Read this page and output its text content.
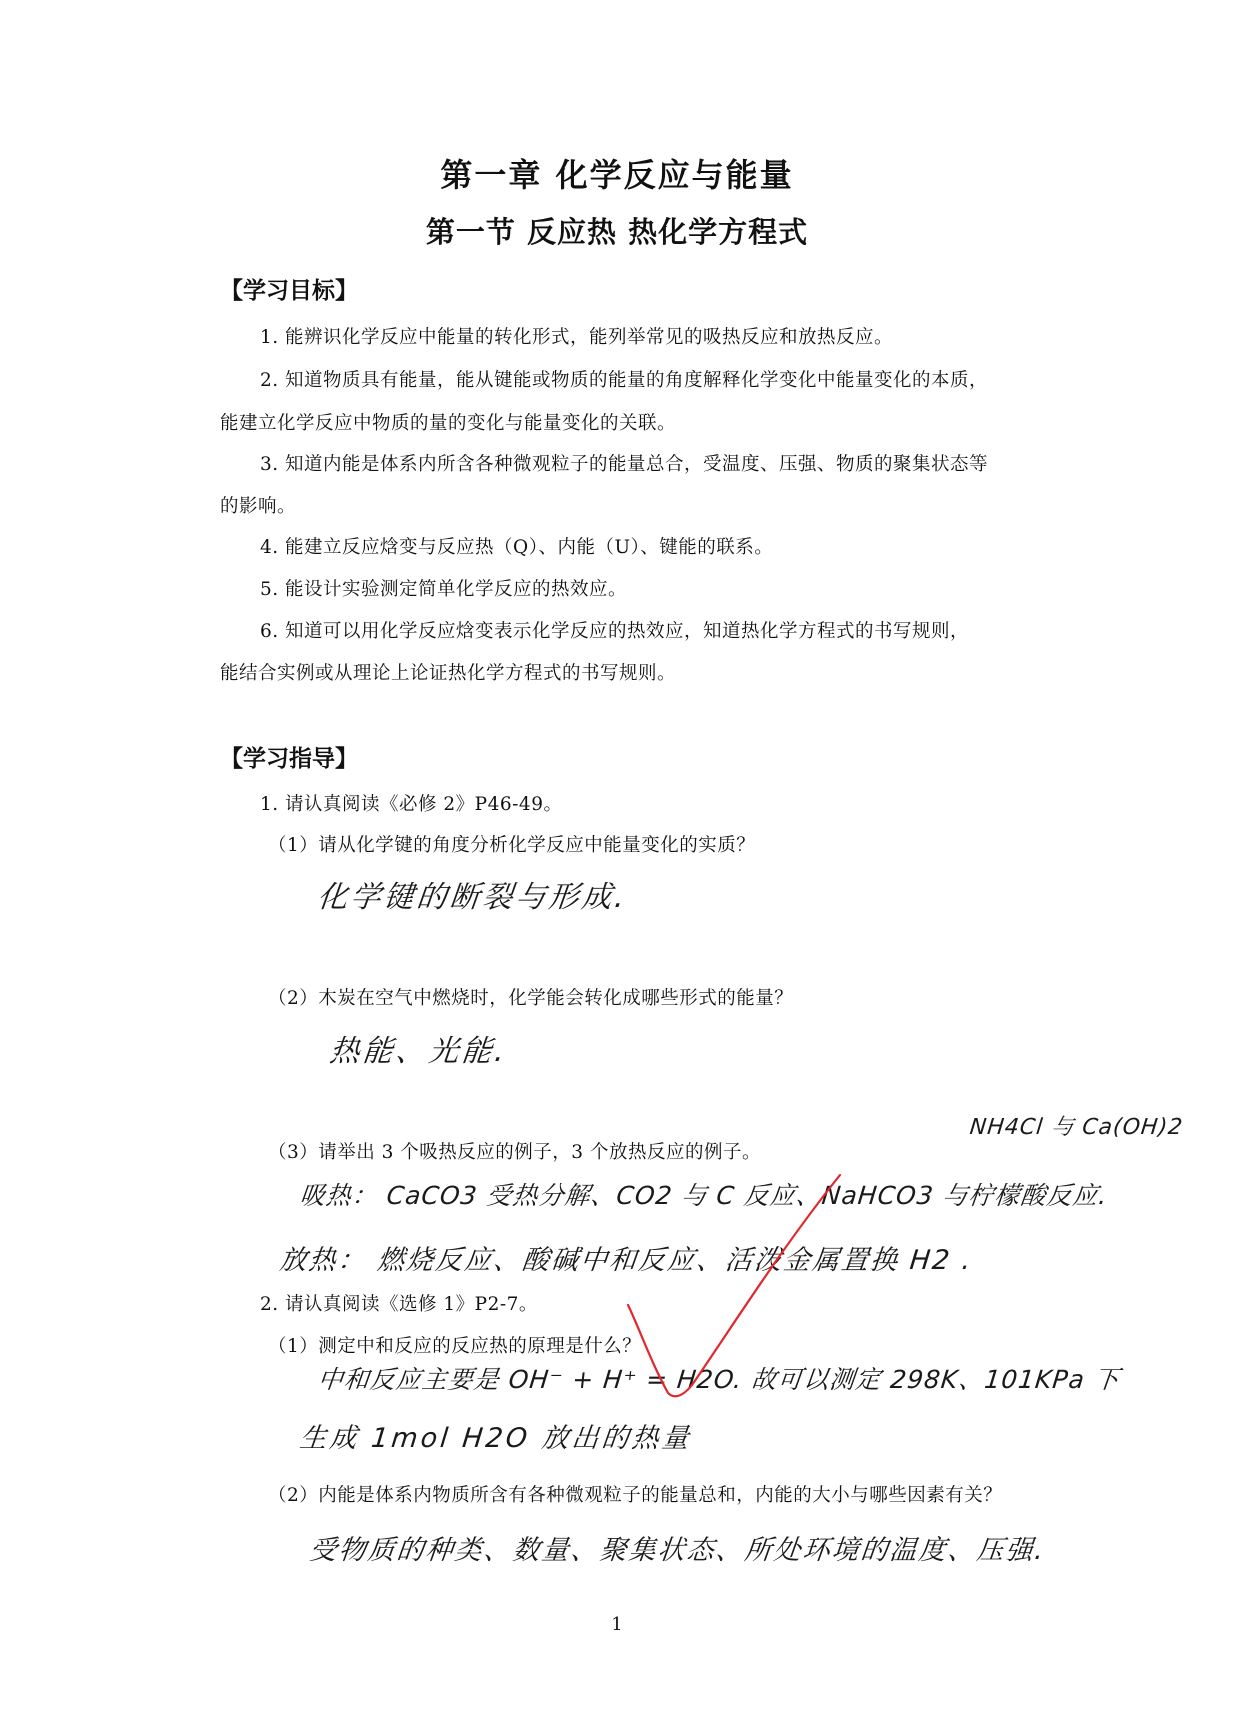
第一章 化学反应与能量
第一节 反应热 热化学方程式
【学习目标】
1. 能辨识化学反应中能量的转化形式，能列举常见的吸热反应和放热反应。
2. 知道物质具有能量，能从键能或物质的能量的角度解释化学变化中能量变化的本质，
能建立化学反应中物质的量的变化与能量变化的关联。
3. 知道内能是体系内所含各种微观粒子的能量总合，受温度、压强、物质的聚集状态等
的影响。
4. 能建立反应焓变与反应热（Q）、内能（U）、键能的联系。
5. 能设计实验测定简单化学反应的热效应。
6. 知道可以用化学反应焓变表示化学反应的热效应，知道热化学方程式的书写规则，
能结合实例或从理论上论证热化学方程式的书写规则。
【学习指导】
1. 请认真阅读《必修 2》P46-49。
（1）请从化学键的角度分析化学反应中能量变化的实质？
化学键的断裂与形成.
（2）木炭在空气中燃烧时，化学能会转化成哪些形式的能量？
热能、光能.
NH4Cl 与 Ca(OH)2
（3）请举出 3 个吸热反应的例子，3 个放热反应的例子。
吸热： CaCO3 受热分解、CO2 与 C 反应、NaHCO3 与柠檬酸反应.
放热： 燃烧反应、酸碱中和反应、活泼金属置换 H2 .
2. 请认真阅读《选修 1》P2-7。
（1）测定中和反应的反应热的原理是什么？
中和反应主要是 OH⁻ + H⁺ = H2O. 故可以测定 298K、101KPa 下
生成 1mol H2O 放出的热量
（2）内能是体系内物质所含有各种微观粒子的能量总和，内能的大小与哪些因素有关？
受物质的种类、数量、聚集状态、所处环境的温度、压强.
1
